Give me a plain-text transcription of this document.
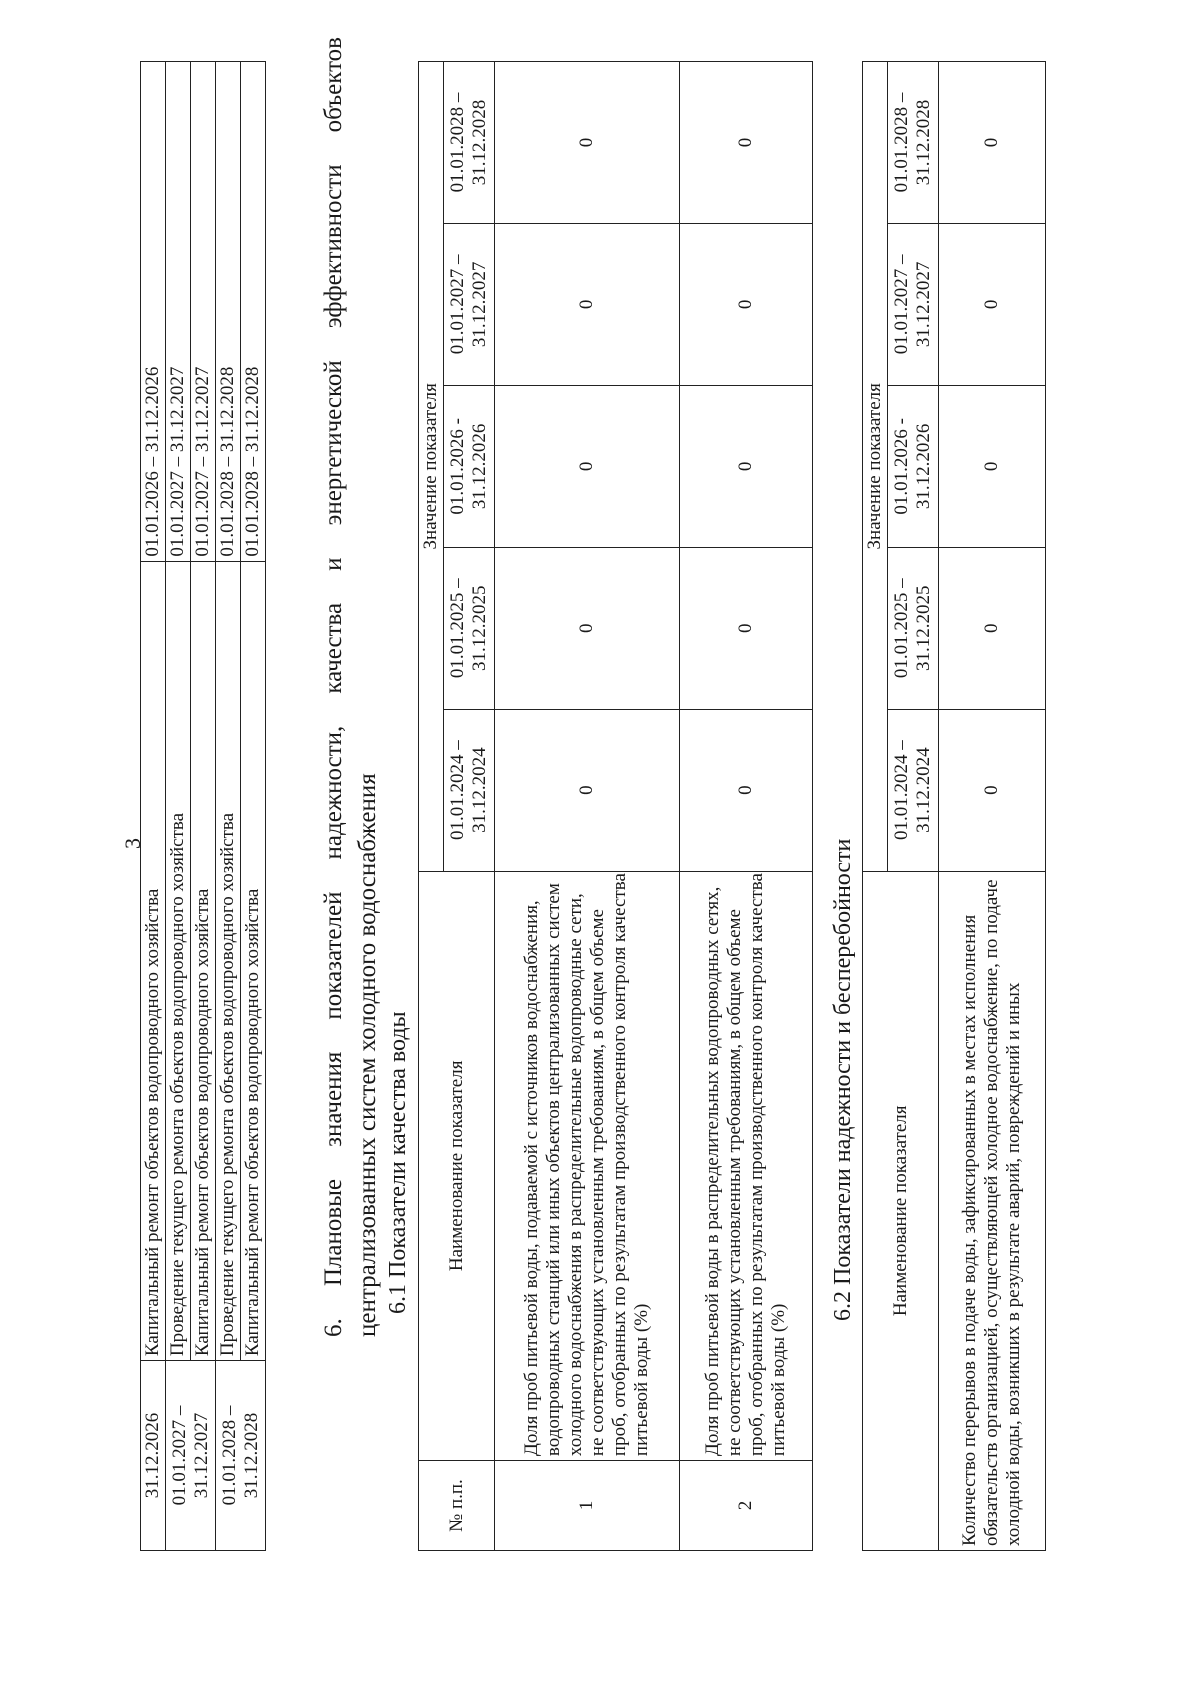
3
31.12.2026	Капитальный ремонт объектов водопроводного хозяйства	01.01.2026 – 31.12.2026
01.01.2027 –
31.12.2027	Проведение текущего ремонта объектов водопроводного хозяйства	01.01.2027 – 31.12.2027
	Капитальный ремонт объектов водопроводного хозяйства	01.01.2027 – 31.12.2027
01.01.2028 –
31.12.2028	Проведение текущего ремонта объектов водопроводного хозяйства	01.01.2028 – 31.12.2028
	Капитальный ремонт объектов водопроводного хозяйства	01.01.2028 – 31.12.2028 6. Плановые значения показателей надежности, качества и энергетической эффективности объектов централизованных систем холодного водоснабжения 6.1 Показатели качества воды
№ п.п.	Наименование показателя	Значение показателя				
		01.01.2024 – 31.12.2024	01.01.2025 – 31.12.2025	01.01.2026 - 31.12.2026	01.01.2027 – 31.12.2027	01.01.2028 – 31.12.2028
1	Доля проб питьевой воды, подаваемой с источников водоснабжения, водопроводных станций или иных объектов централизованных систем холодного водоснабжения в распределительные водопроводные сети, не соответствующих установленным требованиям, в общем объеме проб, отобранных по результатам производственного контроля качества питьевой воды (%)	0	0	0	0	0
2	Доля проб питьевой воды в распределительных водопроводных сетях, не соответствующих установленным требованиям, в общем объеме проб, отобранных по результатам производственного контроля качества питьевой воды (%)	0	0	0	0	0
6.2 Показатели надежности и бесперебойности Наименование показателя	Значение показателя				
	01.01.2024 – 31.12.2024	01.01.2025 – 31.12.2025	01.01.2026 - 31.12.2026	01.01.2027 – 31.12.2027	01.01.2028 – 31.12.2028
Количество перерывов в подаче воды, зафиксированных в местах исполнения обязательств организацией, осуществляющей холодное водоснабжение, по подаче холодной воды, возникших в результате аварий, повреждений и иных	0	0	0	0	0
